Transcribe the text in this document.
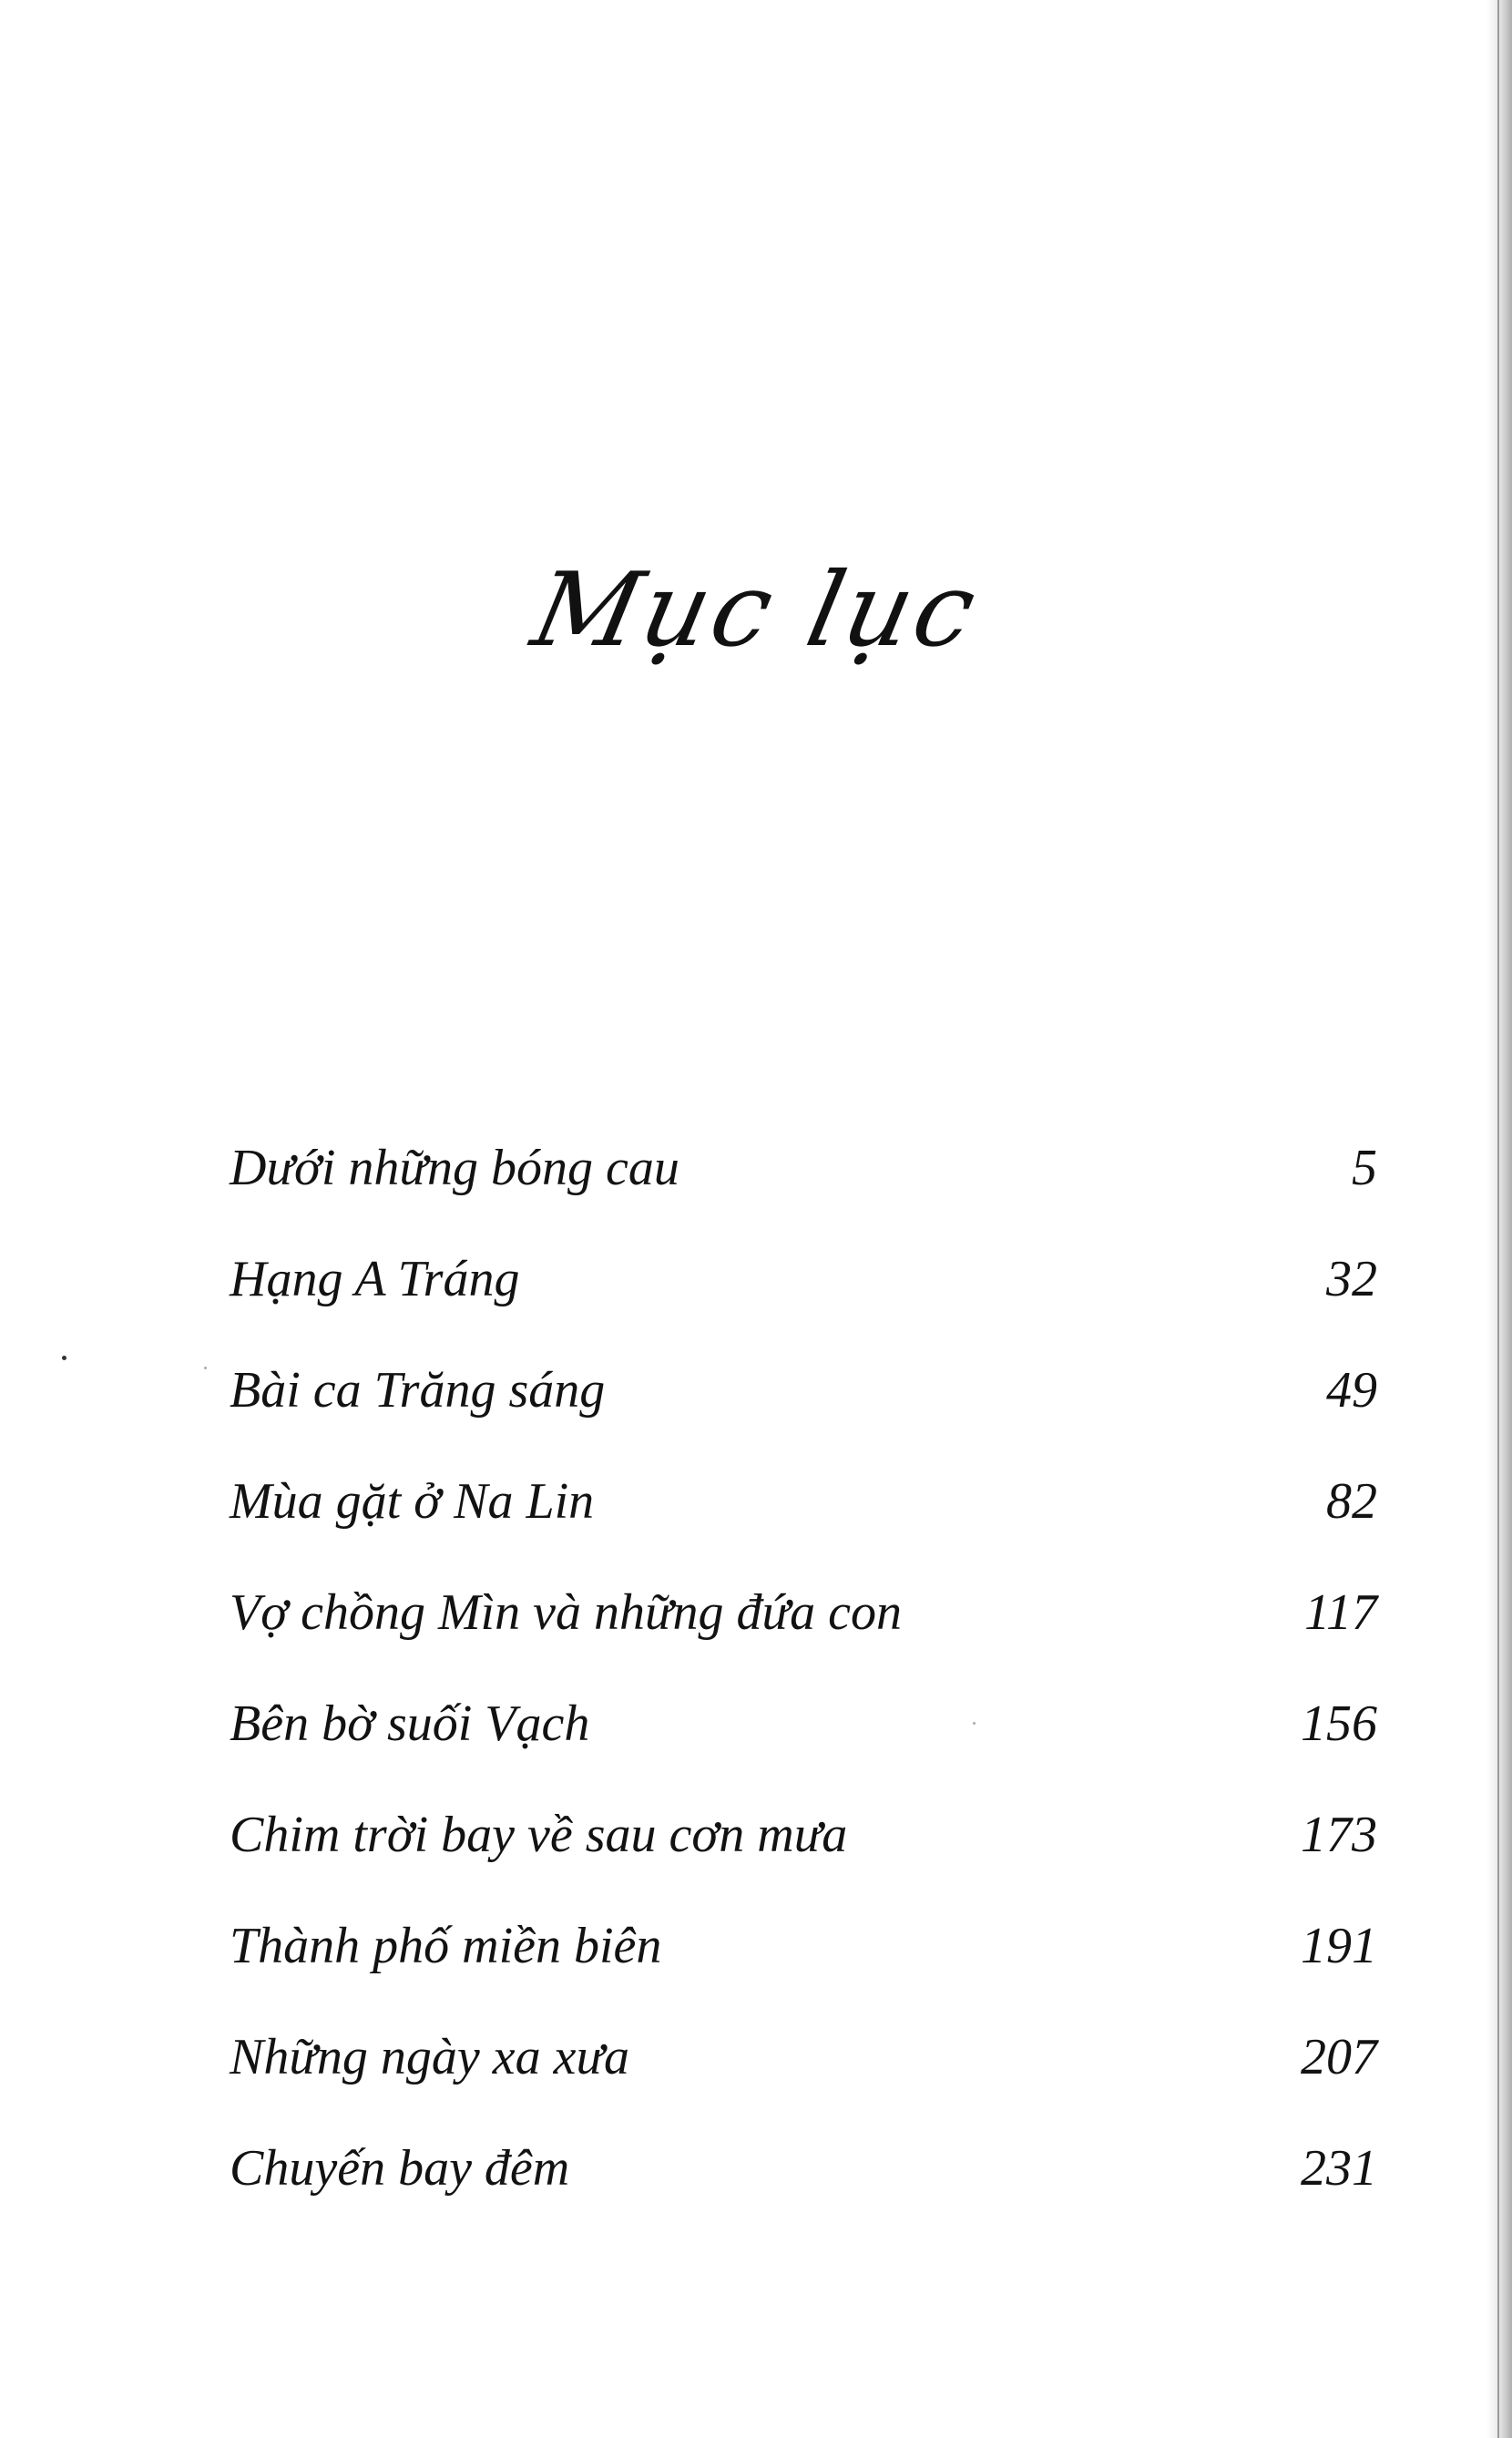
Mục lục
Dưới những bóng cau	5
Hạng A Tráng	32
Bài ca Trăng sáng	49
Mùa gặt ở Na Lin	82
Vợ chồng Mìn và những đứa con	117
Bên bờ suối Vạch	156
Chim trời bay về sau cơn mưa	173
Thành phố miền biên	191
Những ngày xa xưa	207
Chuyến bay đêm	231
